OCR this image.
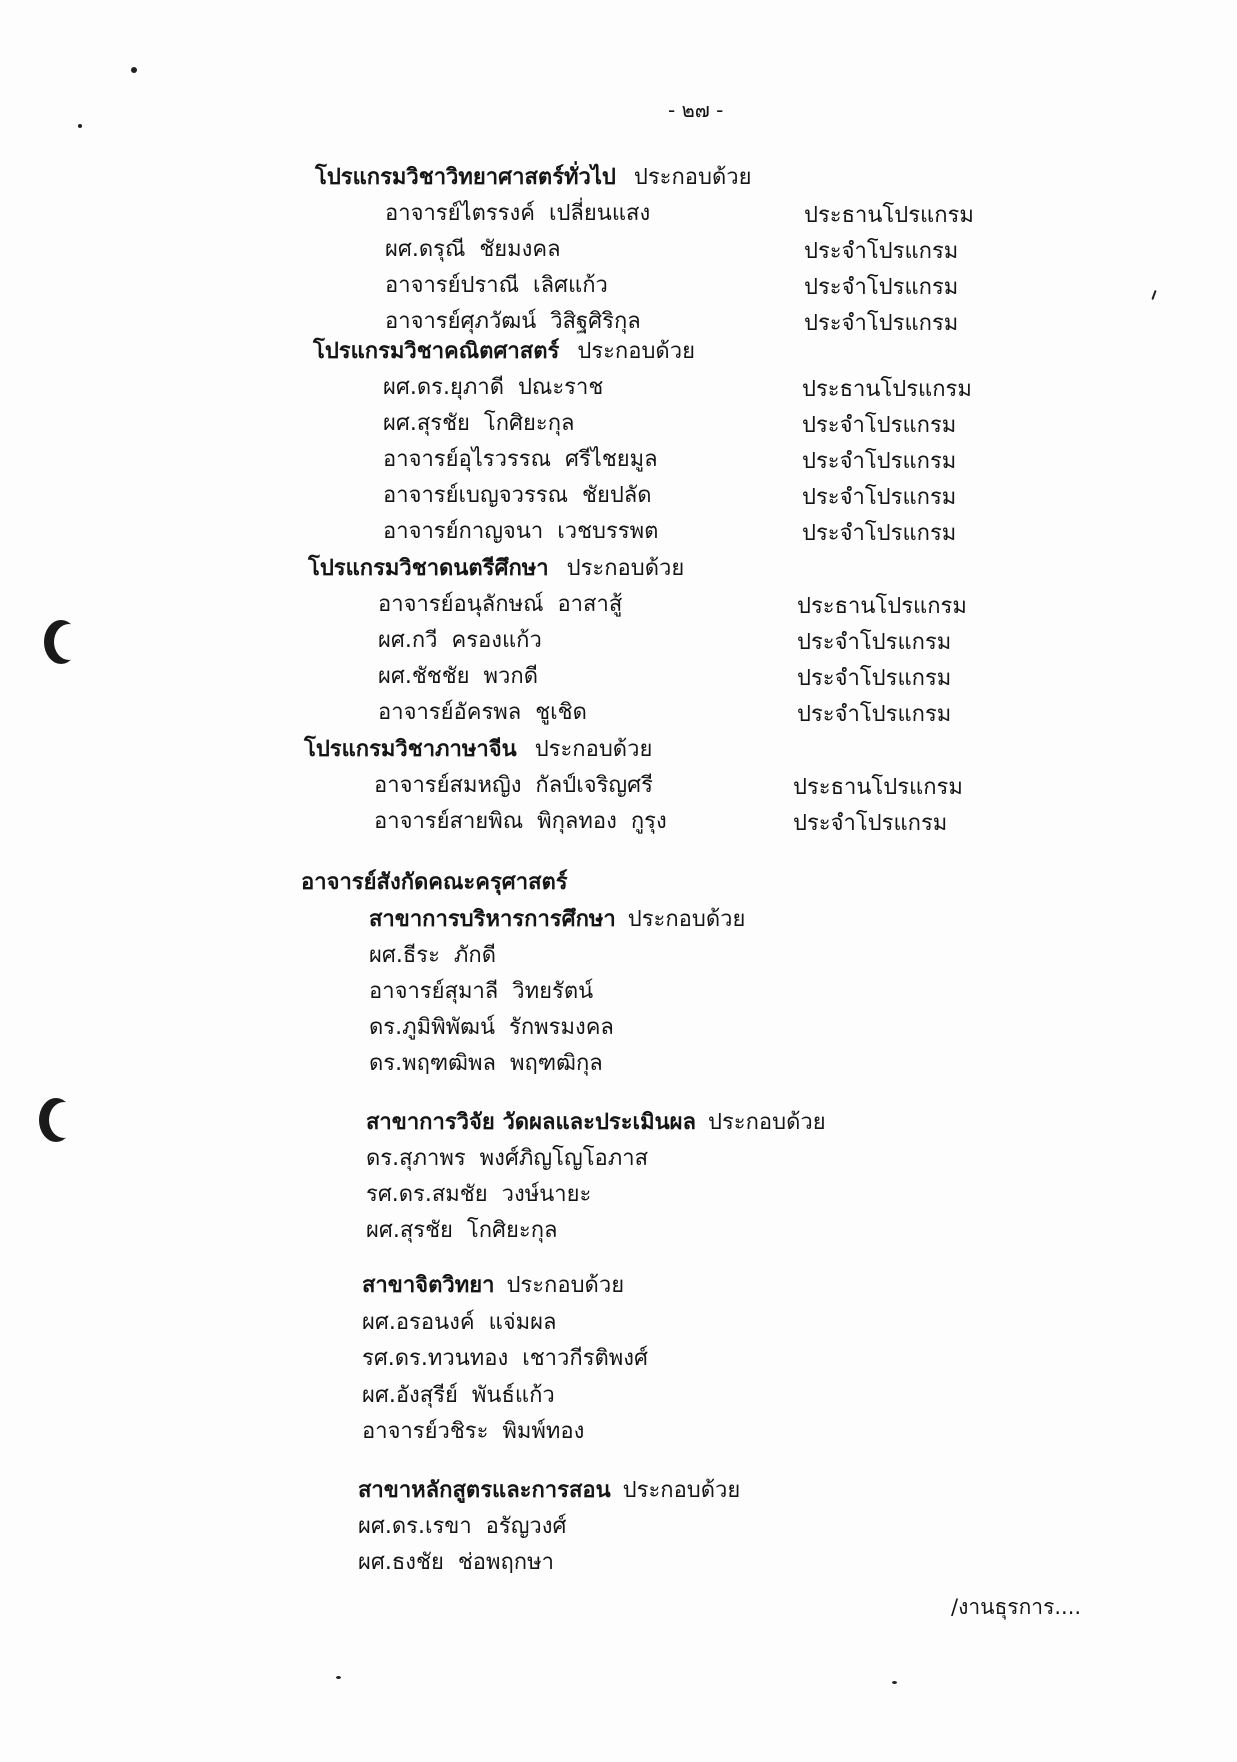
- ๒๗ -
โปรแกรมวิชาวิทยาศาสตร์ทั่วไป ประกอบด้วย
อาจารย์ไตรรงค์  เปลี่ยนแสง	ประธานโปรแกรม
ผศ.ดรุณี  ชัยมงคล	ประจำโปรแกรม
อาจารย์ปราณี  เลิศแก้ว	ประจำโปรแกรม
อาจารย์ศุภวัฒน์  วิสิฐศิริกุล	ประจำโปรแกรม
โปรแกรมวิชาคณิตศาสตร์ ประกอบด้วย
ผศ.ดร.ยุภาดี  ปณะราช	ประธานโปรแกรม
ผศ.สุรชัย  โกศิยะกุล	ประจำโปรแกรม
อาจารย์อุไรวรรณ  ศรีไชยมูล	ประจำโปรแกรม
อาจารย์เบญจวรรณ  ชัยปลัด	ประจำโปรแกรม
อาจารย์กาญจนา  เวชบรรพต	ประจำโปรแกรม
โปรแกรมวิชาดนตรีศึกษา ประกอบด้วย
อาจารย์อนุลักษณ์  อาสาสู้	ประธานโปรแกรม
ผศ.กวี  ครองแก้ว	ประจำโปรแกรม
ผศ.ชัชชัย  พวกดี	ประจำโปรแกรม
อาจารย์อัครพล  ชูเชิด	ประจำโปรแกรม
โปรแกรมวิชาภาษาจีน ประกอบด้วย
อาจารย์สมหญิง  กัลป์เจริญศรี	ประธานโปรแกรม
อาจารย์สายพิณ  พิกุลทอง  กูรุง	ประจำโปรแกรม
อาจารย์สังกัดคณะครุศาสตร์
สาขาการบริหารการศึกษา ประกอบด้วย
ผศ.ธีระ  ภักดี
อาจารย์สุมาลี  วิทยรัตน์
ดร.ภูมิพิพัฒน์  รักพรมงคล
ดร.พฤฑฒิพล  พฤฑฒิกุล
สาขาการวิจัย วัดผลและประเมินผล ประกอบด้วย
ดร.สุภาพร  พงศ์ภิญโญโอภาส
รศ.ดร.สมชัย  วงษ์นายะ
ผศ.สุรชัย  โกศิยะกุล
สาขาจิตวิทยา ประกอบด้วย
ผศ.อรอนงค์  แจ่มผล
รศ.ดร.ทวนทอง  เชาวกีรติพงศ์
ผศ.อังสุรีย์  พันธ์แก้ว
อาจารย์วชิระ  พิมพ์ทอง
สาขาหลักสูตรและการสอน ประกอบด้วย
ผศ.ดร.เรขา  อรัญวงศ์
ผศ.ธงชัย  ช่อพฤกษา
/งานธุรการ....
